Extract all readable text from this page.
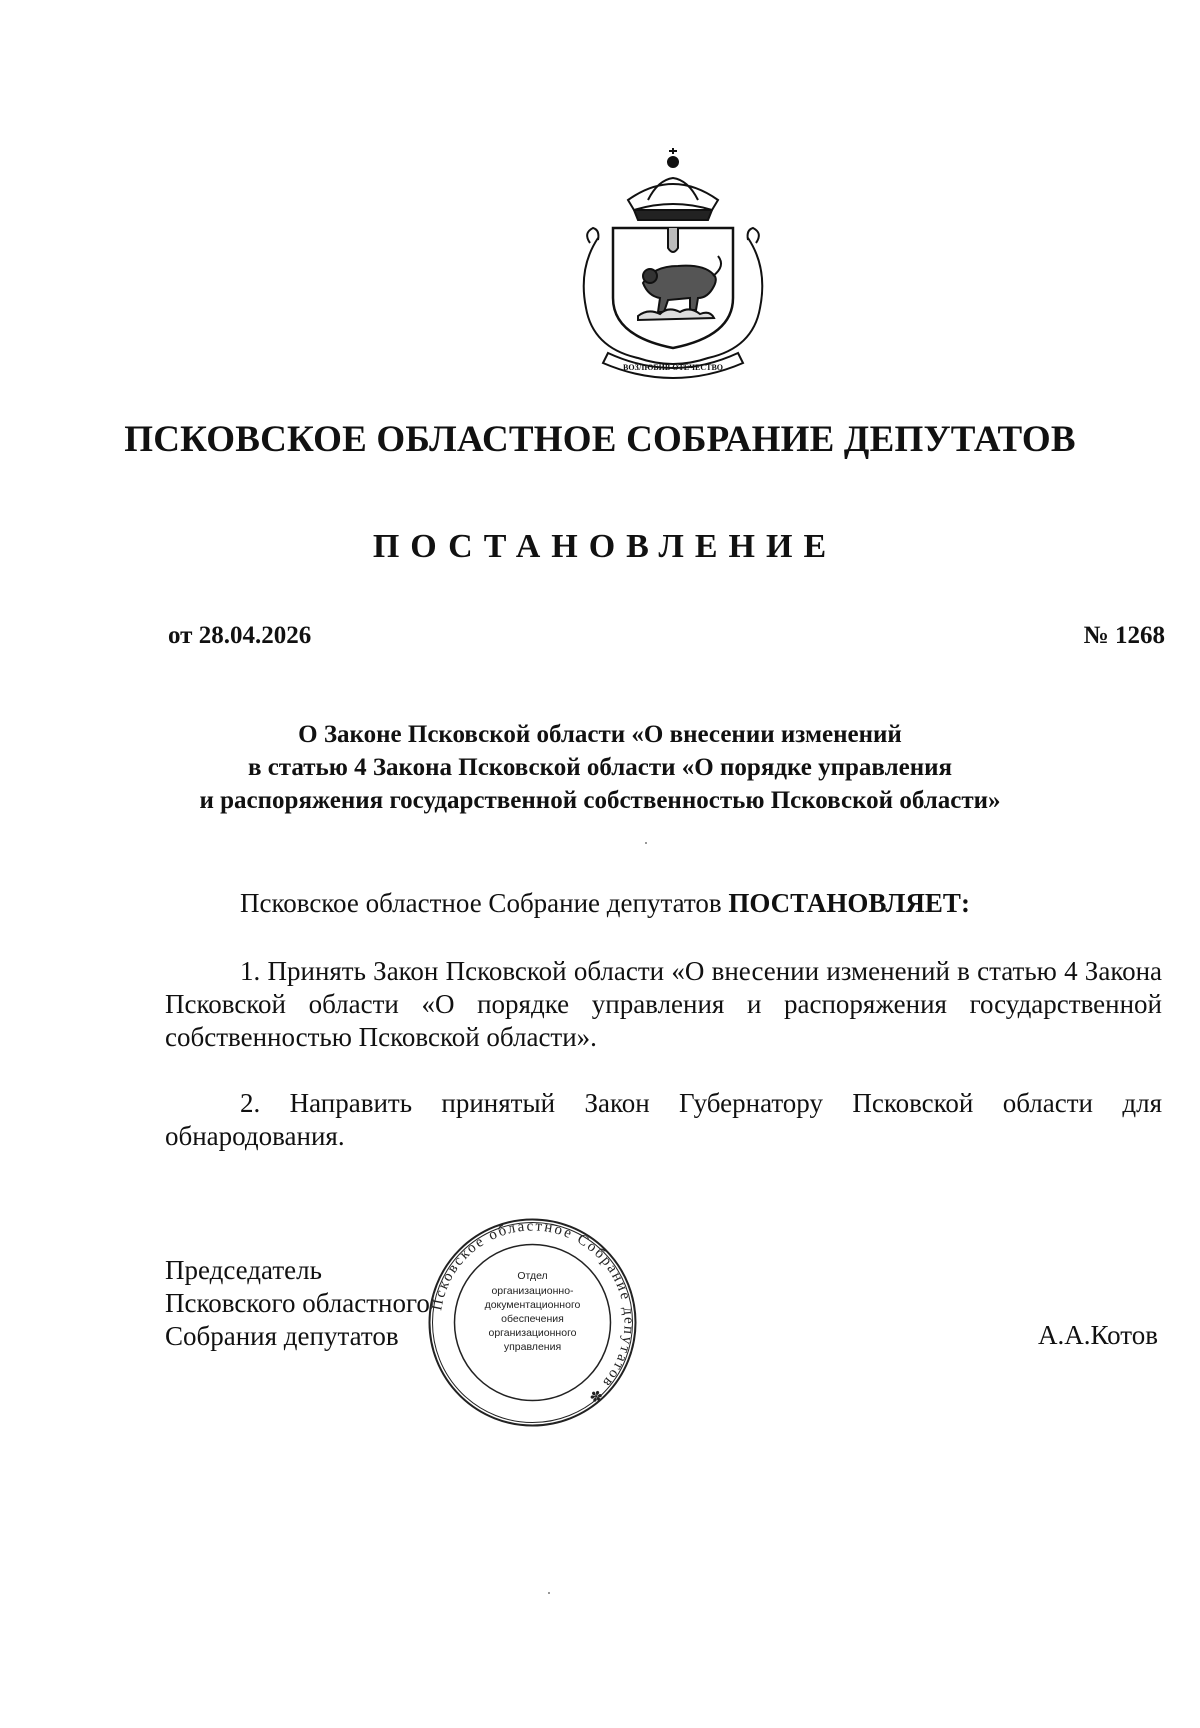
ВОЗЛЮБИВ ОТЕЧЕСТВО
ПСКОВСКОЕ ОБЛАСТНОЕ СОБРАНИЕ ДЕПУТАТОВ
ПОСТАНОВЛЕНИЕ
от 28.04.2026	№ 1268
О Законе Псковской области «О внесении изменений
в статью 4 Закона Псковской области «О порядке управления
и распоряжения государственной собственностью Псковской области»
Псковское областное Собрание депутатов ПОСТАНОВЛЯЕТ:
1. Принять Закон Псковской области «О внесении изменений в статью 4 Закона Псковской области «О порядке управления и распоряжения государственной собственностью Псковской области».
2. Направить принятый Закон Губернатору Псковской области для обнародования.
Председатель
Псковского областного
Собрания депутатов	А.А.Котов
Псковское областное Собрание депутатов ✽
Отдел
организационно-
документационного
обеспечения
организационного
управления
